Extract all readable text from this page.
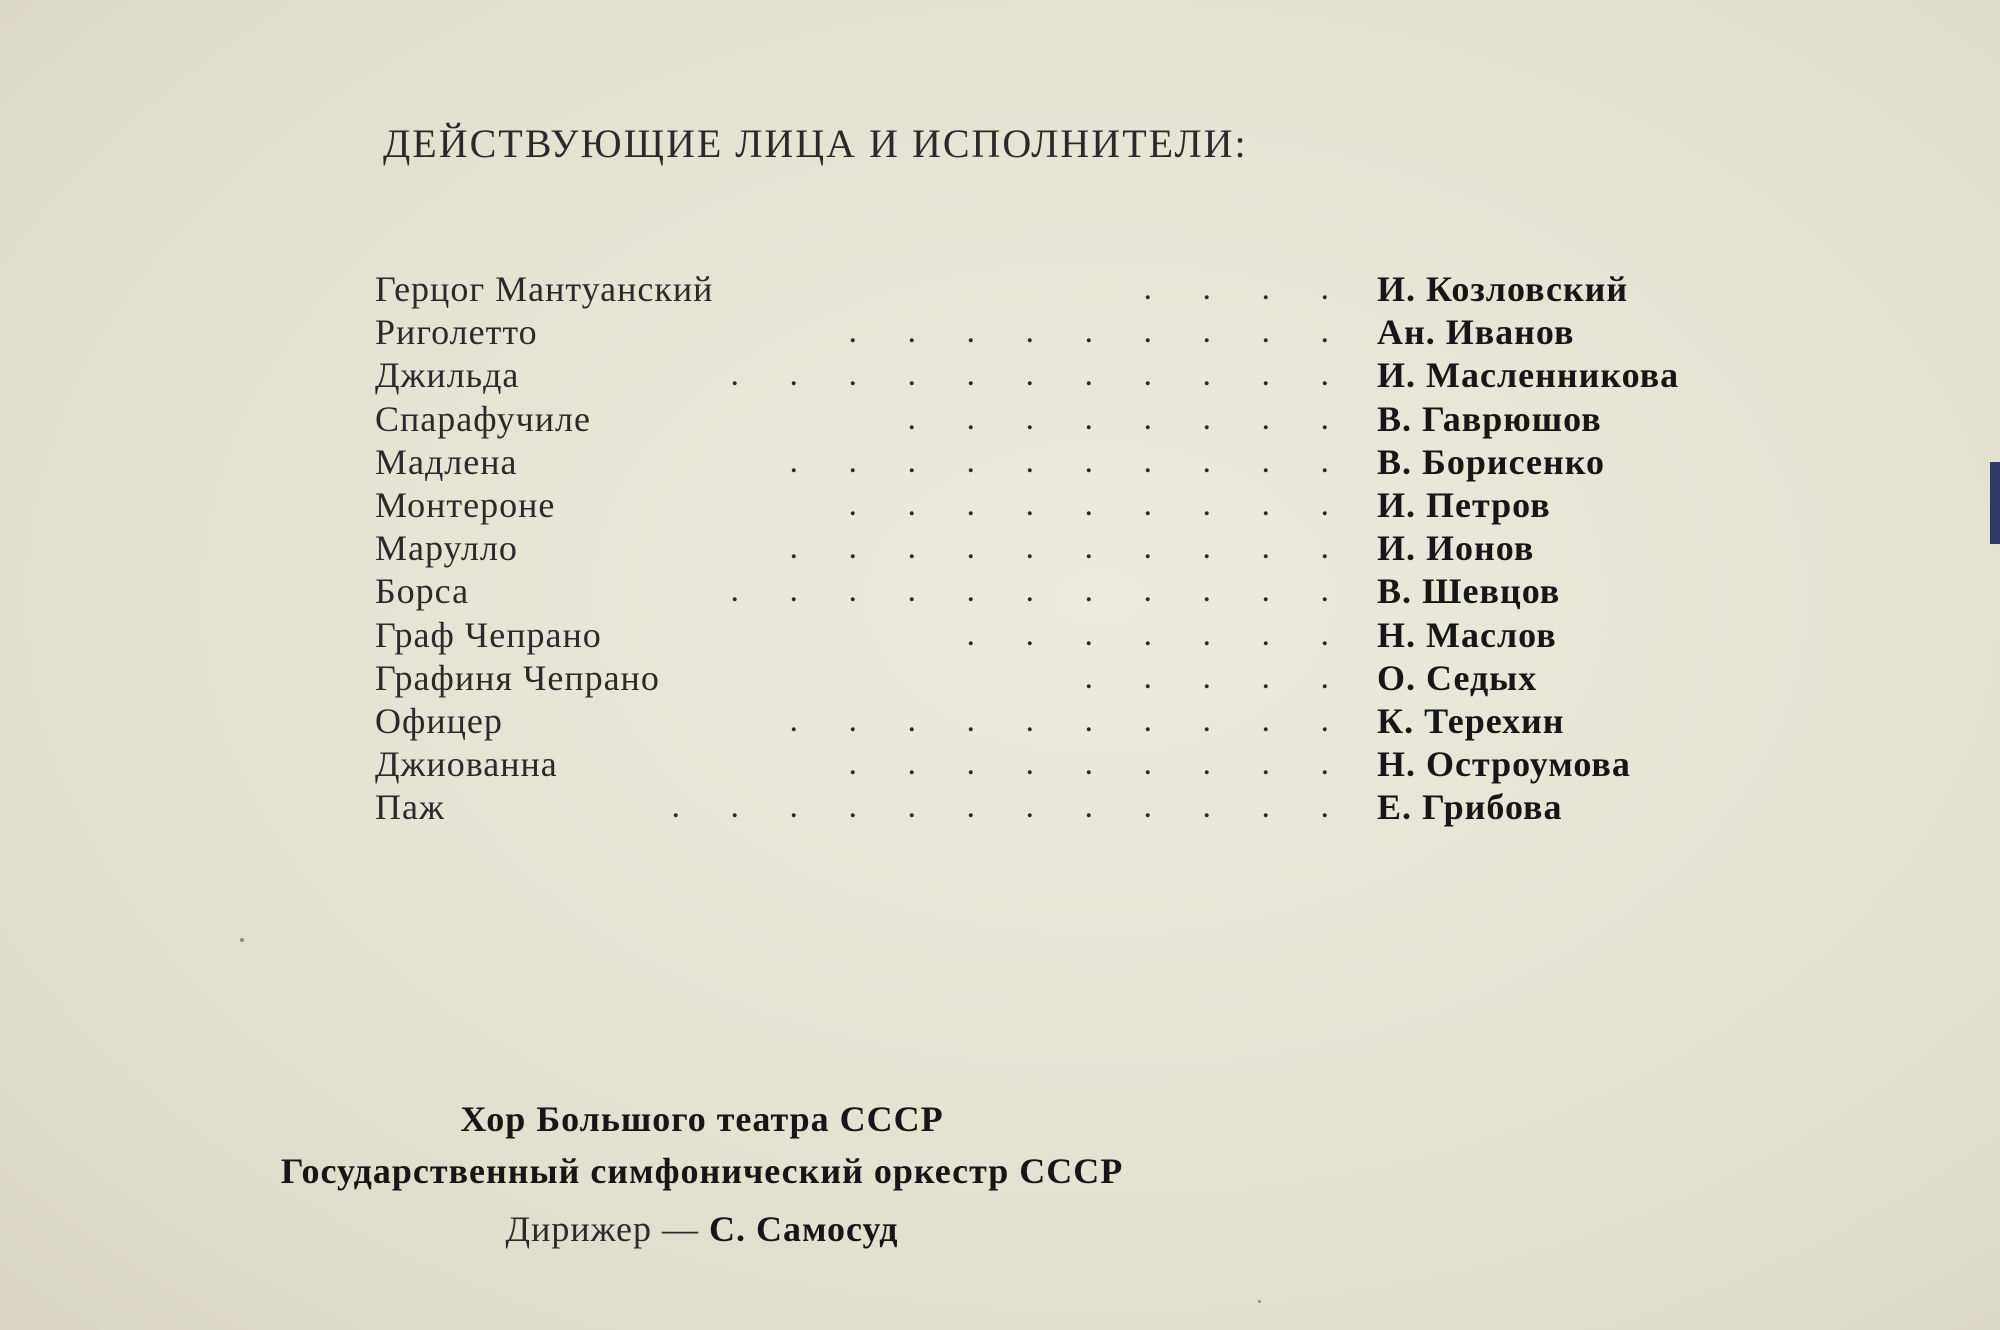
ДЕЙСТВУЮЩИЕ ЛИЦА И ИСПОЛНИТЕЛИ:
Герцог Мантуанский	. . . . И. Козловский
Риголетто	. . . . . . . . . Ан. Иванов
Джильда	. . . . . . . . . . . И. Масленникова
Спарафучиле	. . . . . . . . В. Гаврюшов
Мадлена	. . . . . . . . . . В. Борисенко
Монтероне	. . . . . . . . . И. Петров
Марулло	. . . . . . . . . . И. Ионов
Борса	. . . . . . . . . . . В. Шевцов
Граф Чепрано	. . . . . . . Н. Маслов
Графиня Чепрано	. . . . . О. Седых
Офицер	. . . . . . . . . . К. Терехин
Джиованна	. . . . . . . . . Н. Остроумова
Паж	. . . . . . . . . . . . Е. Грибова
Хор Большого театра СССР
Государственный симфонический оркестр СССР
Дирижер — С. Самосуд
